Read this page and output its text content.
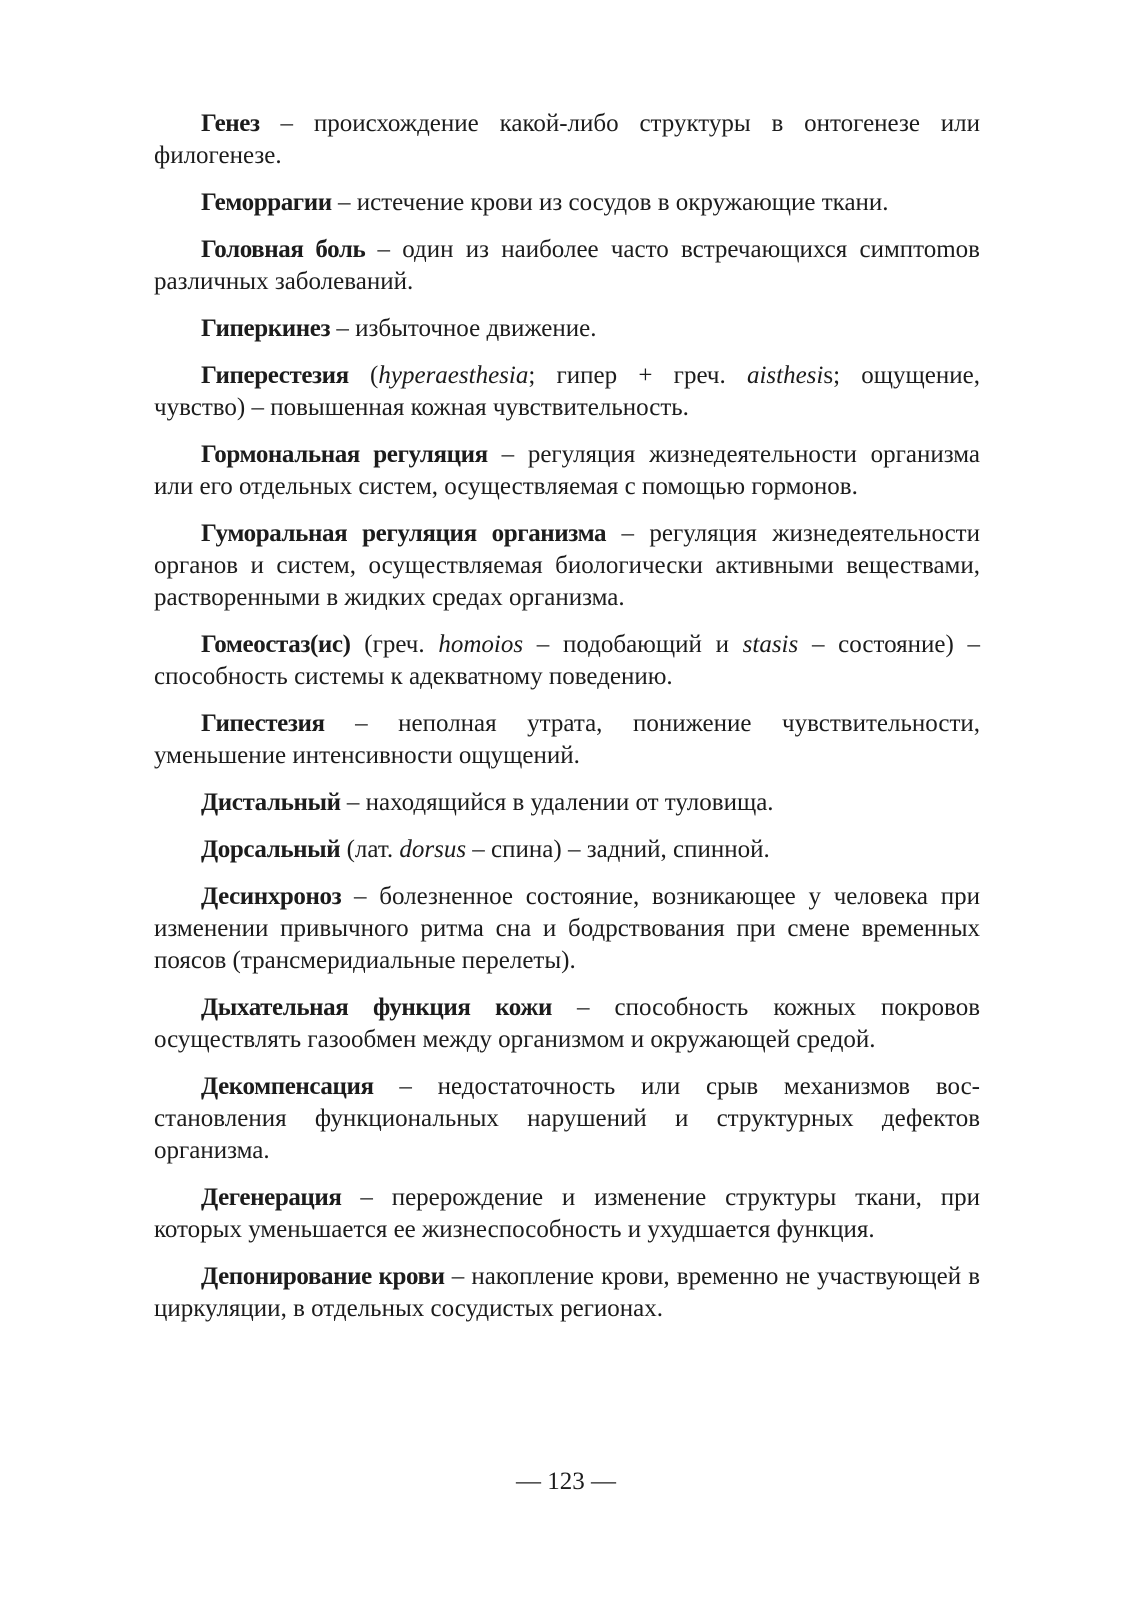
Генез – происхождение какой-либо структуры в онтогенезе или филогенезе.

Геморрагии – истечение крови из сосудов в окружающие ткани.

Головная боль – один из наиболее часто встречающихся симптоmов различных заболеваний.

Гиперкинез – избыточное движение.

Гиперестезия (hyperaesthesia; гипер + греч. aisthesis; ощущение, чувство) – повышенная кожная чувствительность.

Гормональная регуляция – регуляция жизнедеятельности организма или его отдельных систем, осуществляемая с помощью гормонов.

Гуморальная регуляция организма – регуляция жизнедеятельности органов и систем, осуществляемая биологически активными веществами, растворенными в жидких средах организма.

Гомеостаз(ис) (греч. homoios – подобающий и stasis – состояние) – способность системы к адекватному поведению.

Гипестезия – неполная утрата, понижение чувствительности, уменьшение интенсивности ощущений.

Дистальный – находящийся в удалении от туловища.

Дорсальный (лат. dorsus – спина) – задний, спинной.

Десинхроноз – болезненное состояние, возникающее у человека при изменении привычного ритма сна и бодрствования при смене временных поясов (трансмеридиальные перелеты).

Дыхательная функция кожи – способность кожных покровов осуществлять газообмен между организмом и окружающей средой.

Декомпенсация – недостаточность или срыв механизмов восстановления функциональных нарушений и структурных дефектов организма.

Дегенерация – перерождение и изменение структуры ткани, при которых уменьшается ее жизнеспособность и ухудшается функция.

Депонирование крови – накопление крови, временно не участвующей в циркуляции, в отдельных сосудистых регионах.

— 123 —
